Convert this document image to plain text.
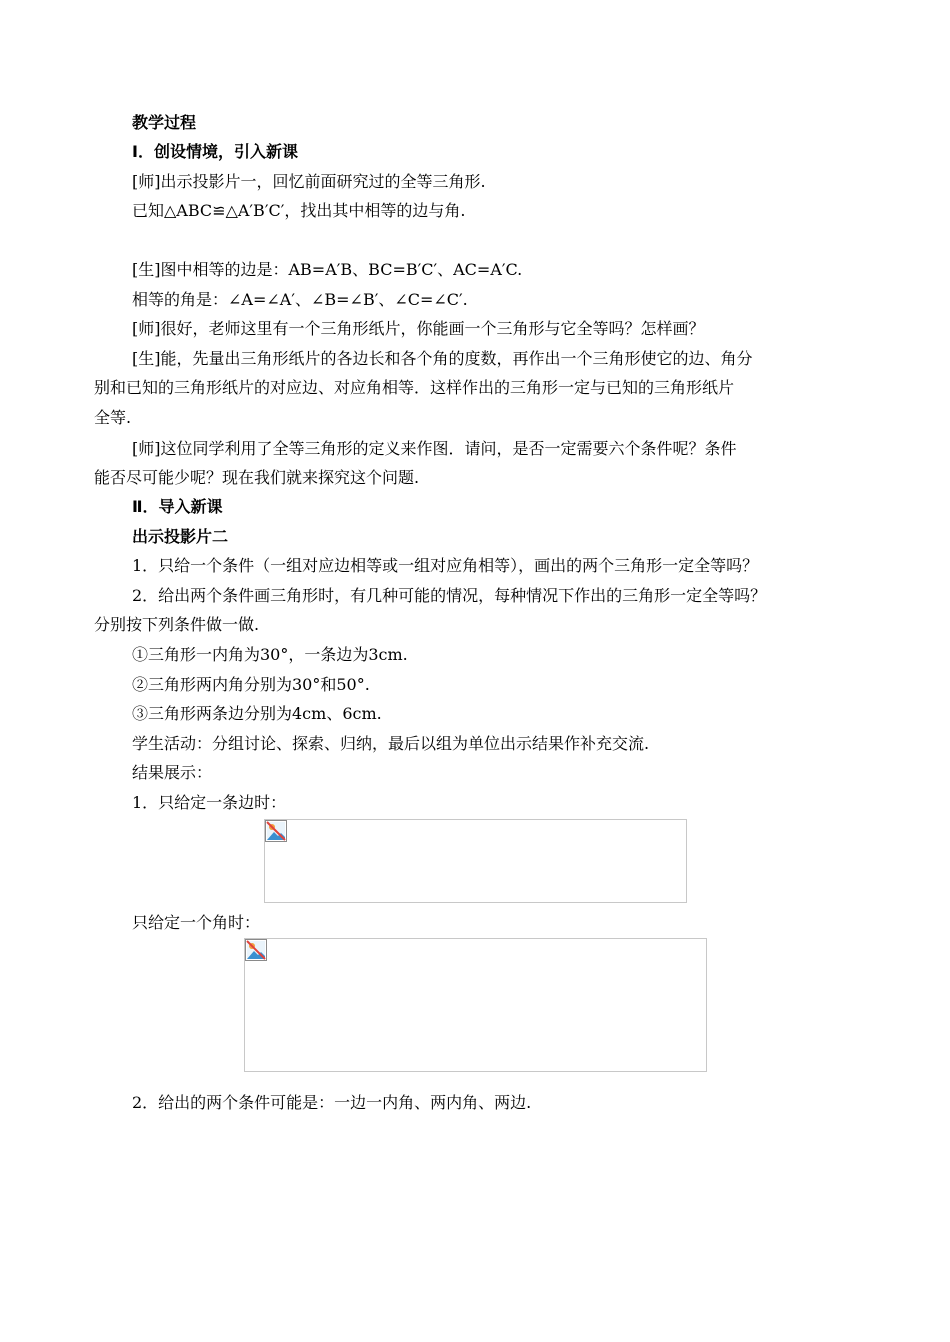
教学过程
Ⅰ．创设情境，引入新课
[师]出示投影片一，回忆前面研究过的全等三角形.
已知△ABC≌△A′B′C′，找出其中相等的边与角.
[生]图中相等的边是：AB=A′B、BC=B′C′、AC=A′C.
相等的角是：∠A=∠A′、∠B=∠B′、∠C=∠C′.
[师]很好，老师这里有一个三角形纸片，你能画一个三角形与它全等吗？怎样画？
[生]能，先量出三角形纸片的各边长和各个角的度数，再作出一个三角形使它的边、角分
别和已知的三角形纸片的对应边、对应角相等．这样作出的三角形一定与已知的三角形纸片
全等.
[师]这位同学利用了全等三角形的定义来作图．请问，是否一定需要六个条件呢？条件
能否尽可能少呢？现在我们就来探究这个问题.
Ⅱ．导入新课
出示投影片二
1．只给一个条件（一组对应边相等或一组对应角相等），画出的两个三角形一定全等吗？
2．给出两个条件画三角形时，有几种可能的情况，每种情况下作出的三角形一定全等吗？
分别按下列条件做一做.
①三角形一内角为30°，一条边为3cm.
②三角形两内角分别为30°和50°.
③三角形两条边分别为4cm、6cm.
学生活动：分组讨论、探索、归纳，最后以组为单位出示结果作补充交流.
结果展示：
1．只给定一条边时：
只给定一个角时：
2．给出的两个条件可能是：一边一内角、两内角、两边.
